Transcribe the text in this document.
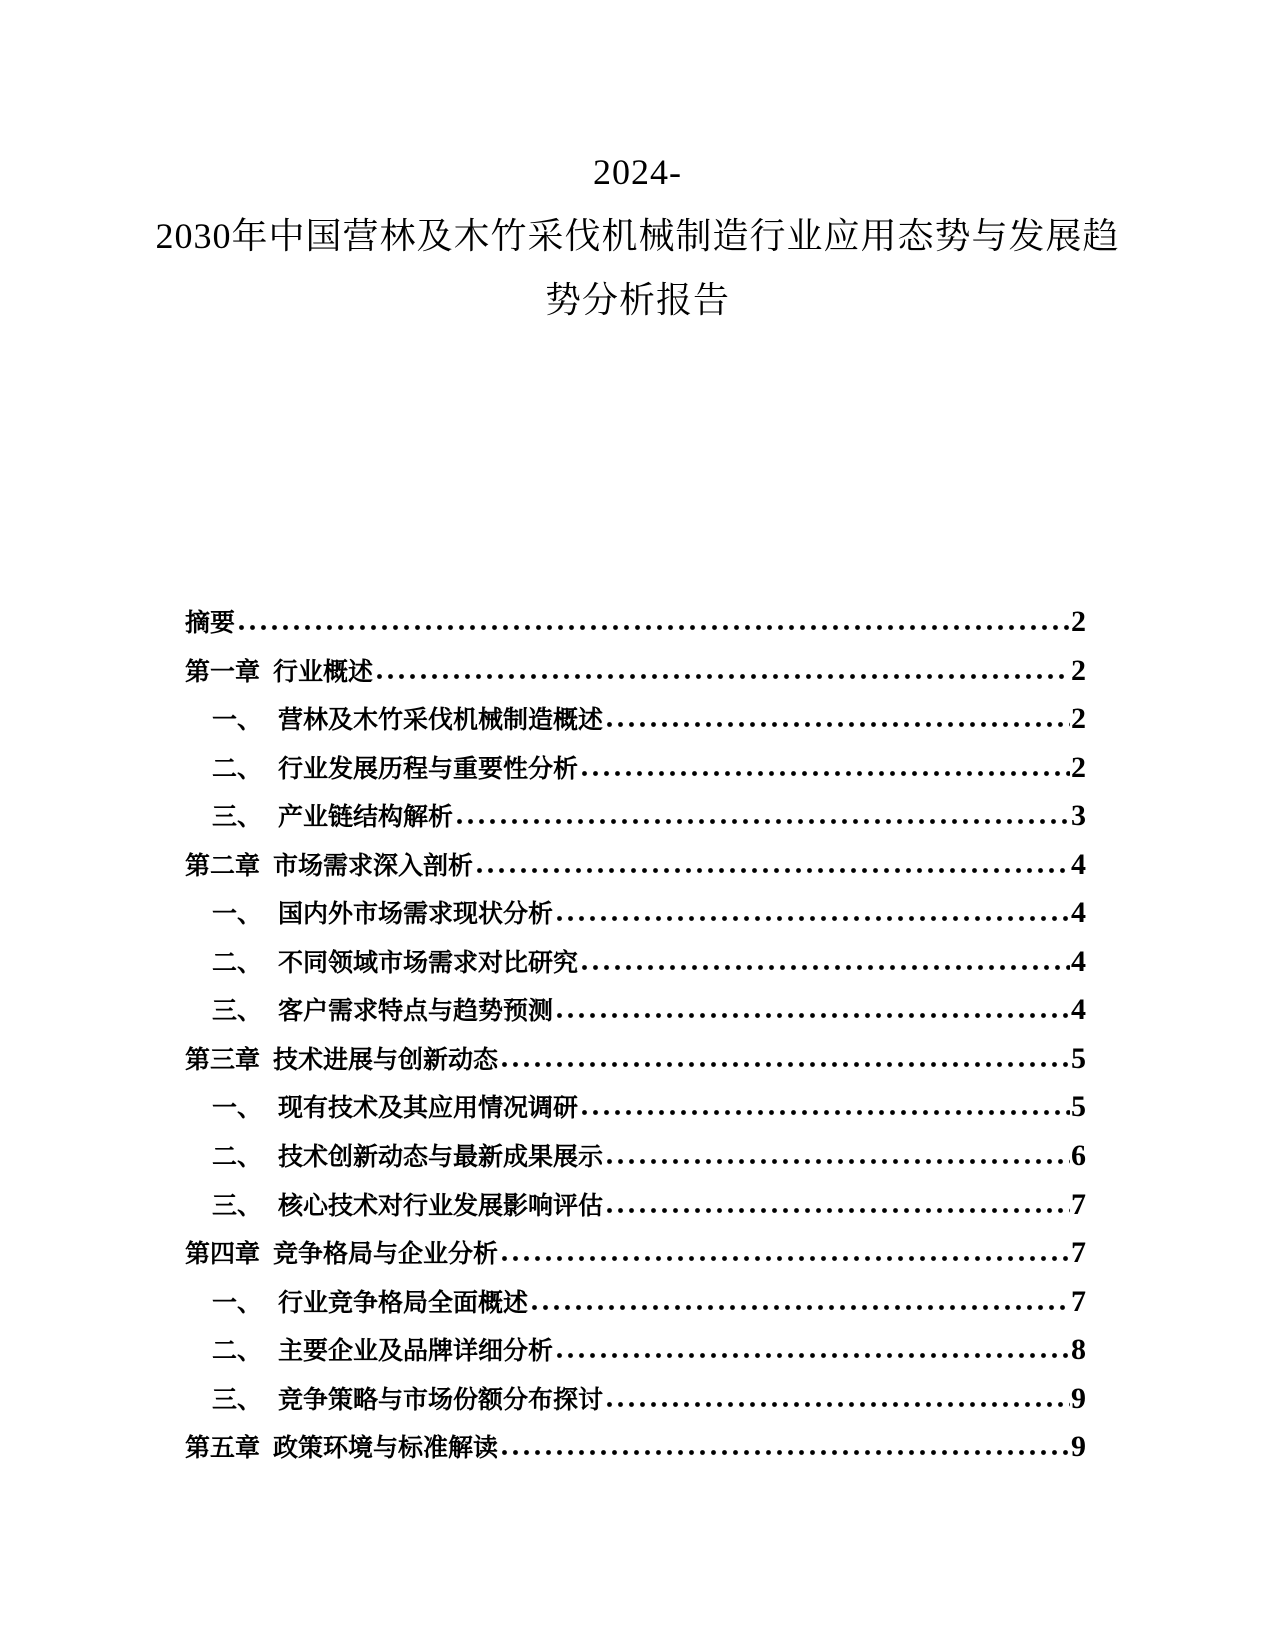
2024-
2030年中国营林及木竹采伐机械制造行业应用态势与发展趋
势分析报告
摘要	2
第一章 行业概述	2
一、 营林及木竹采伐机械制造概述	2
二、 行业发展历程与重要性分析	2
三、 产业链结构解析	3
第二章 市场需求深入剖析	4
一、 国内外市场需求现状分析	4
二、 不同领域市场需求对比研究	4
三、 客户需求特点与趋势预测	4
第三章 技术进展与创新动态	5
一、 现有技术及其应用情况调研	5
二、 技术创新动态与最新成果展示	6
三、 核心技术对行业发展影响评估	7
第四章 竞争格局与企业分析	7
一、 行业竞争格局全面概述	7
二、 主要企业及品牌详细分析	8
三、 竞争策略与市场份额分布探讨	9
第五章 政策环境与标准解读	9
